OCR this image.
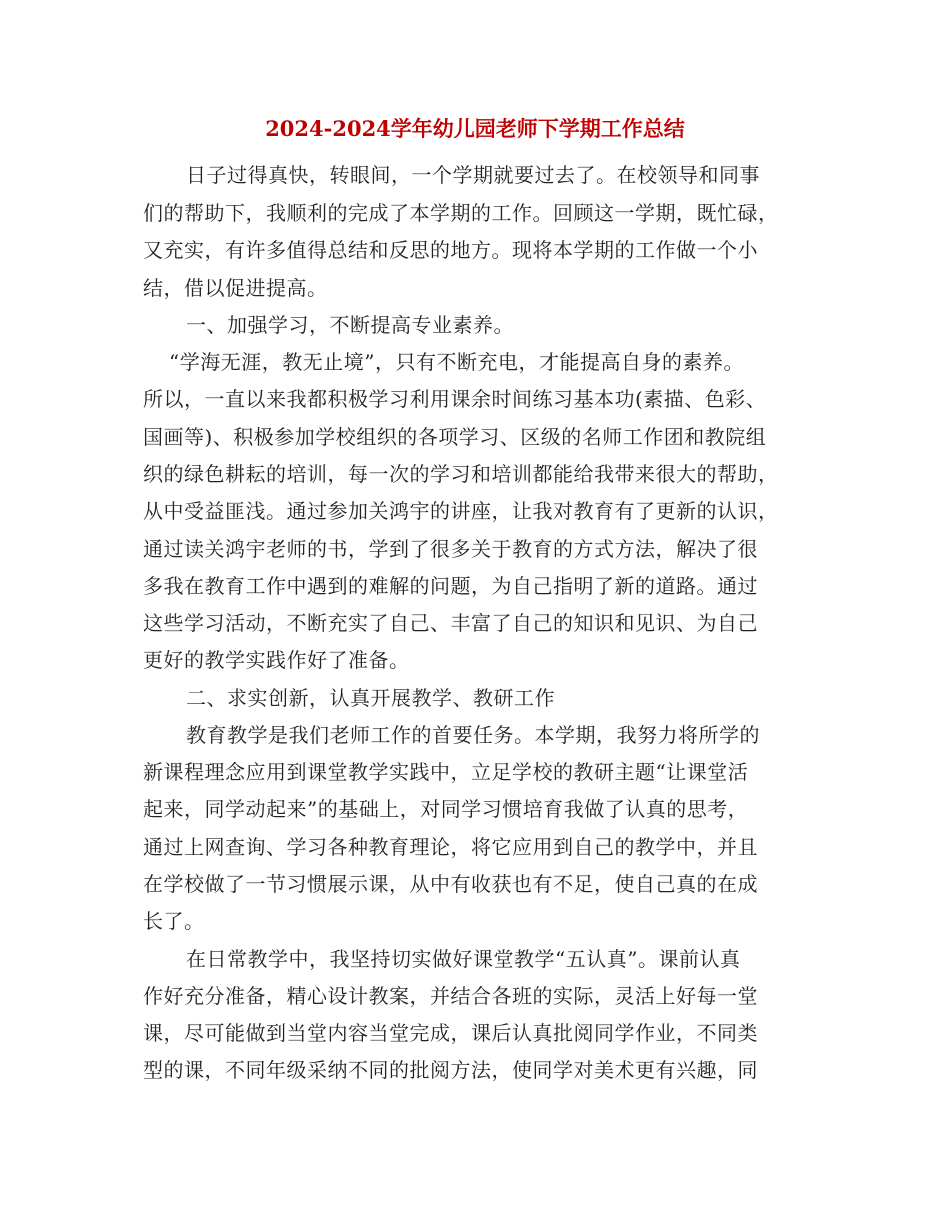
2024-2024学年幼儿园老师下学期工作总结

日子过得真快，转眼间，一个学期就要过去了。在校领导和同事

们的帮助下，我顺利的完成了本学期的工作。回顾这一学期，既忙碌，

又充实，有许多值得总结和反思的地方。现将本学期的工作做一个小

结，借以促进提高。

一、加强学习，不断提高专业素养。

“学海无涯，教无止境”，只有不断充电，才能提高自身的素养。

所以，一直以来我都积极学习利用课余时间练习基本功(素描、色彩、

国画等)、积极参加学校组织的各项学习、区级的名师工作团和教院组

织的绿色耕耘的培训，每一次的学习和培训都能给我带来很大的帮助，

从中受益匪浅。通过参加关鸿宇的讲座，让我对教育有了更新的认识，

通过读关鸿宇老师的书，学到了很多关于教育的方式方法，解决了很

多我在教育工作中遇到的难解的问题，为自己指明了新的道路。通过

这些学习活动，不断充实了自己、丰富了自己的知识和见识、为自己

更好的教学实践作好了准备。

二、求实创新，认真开展教学、教研工作

教育教学是我们老师工作的首要任务。本学期，我努力将所学的

新课程理念应用到课堂教学实践中，立足学校的教研主题“让课堂活

起来，同学动起来”的基础上，对同学习惯培育我做了认真的思考，

通过上网查询、学习各种教育理论，将它应用到自己的教学中，并且

在学校做了一节习惯展示课，从中有收获也有不足，使自己真的在成

长了。

在日常教学中，我坚持切实做好课堂教学“五认真”。课前认真

作好充分准备，精心设计教案，并结合各班的实际，灵活上好每一堂

课，尽可能做到当堂内容当堂完成，课后认真批阅同学作业，不同类

型的课，不同年级采纳不同的批阅方法，使同学对美术更有兴趣，同
